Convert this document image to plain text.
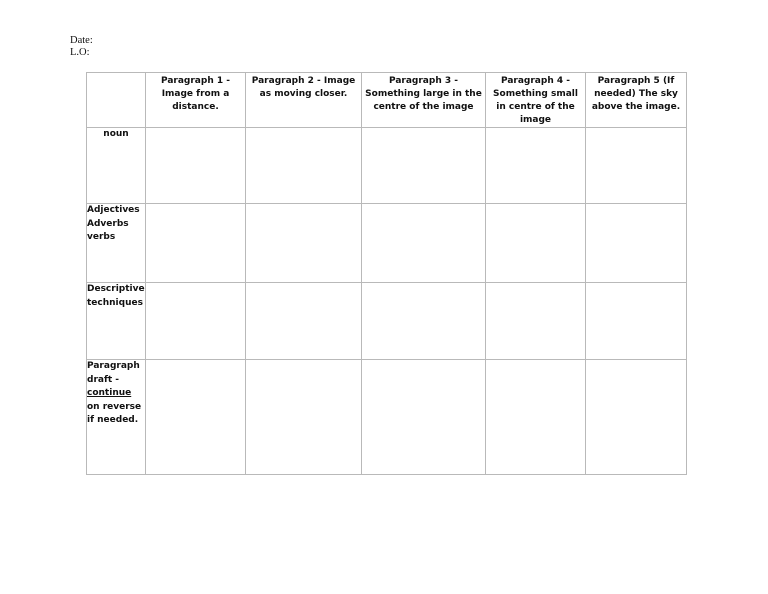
Date:
L.O:
	Paragraph 1 - Image from a distance.	Paragraph 2 - Image as moving closer.	Paragraph 3 - Something large in the centre of the image	Paragraph 4 - Something small in centre of the image	Paragraph 5 (If needed) The sky above the image.

noun					

Adjectives
Adverbs
verbs					

Descriptive
techniques					

Paragraph
draft -
continue
on reverse
if needed.					
